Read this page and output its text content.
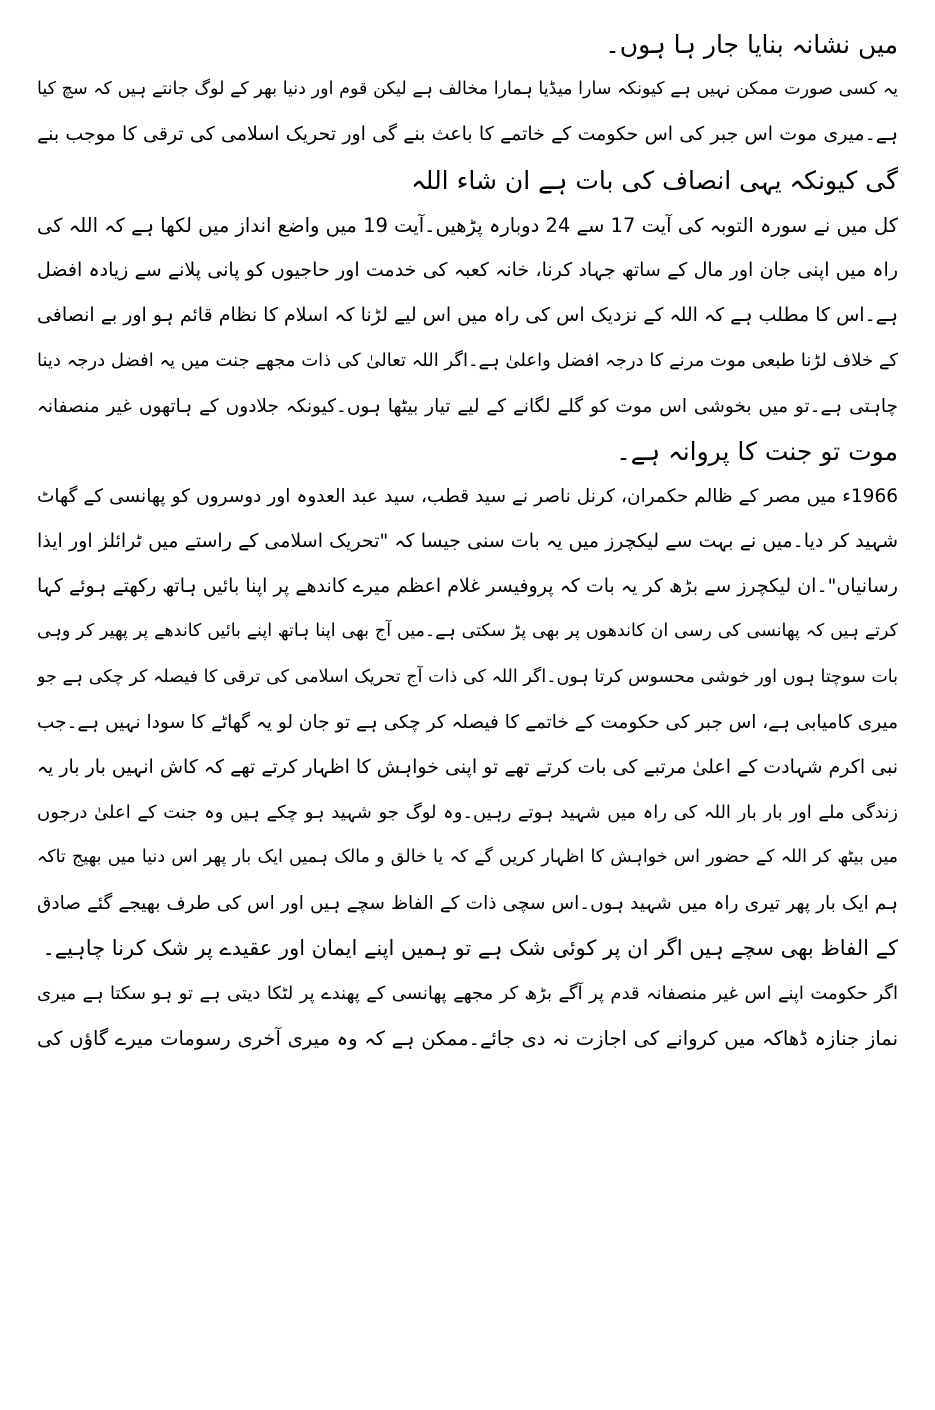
میں نشانہ بنایا جار ہا ہوں۔
یہ کسی صورت ممکن نہیں ہے کیونکہ سارا میڈیا ہمارا مخالف ہے لیکن قوم اور دنیا بھر کے لوگ جانتے ہیں کہ سچ کیا
ہے۔میری موت اس جبر کی اس حکومت کے خاتمے کا باعث بنے گی اور تحریک اسلامی کی ترقی کا موجب بنے
گی کیونکہ یہی انصاف کی بات ہے ان شاء اللہ
کل میں نے سورہ التوبہ کی آیت 17 سے 24 دوبارہ پڑھیں۔آیت 19 میں واضع انداز میں لکھا ہے کہ اللہ کی
راہ میں اپنی جان اور مال کے ساتھ جہاد کرنا، خانہ کعبہ کی خدمت اور حاجیوں کو پانی پلانے سے زیادہ افضل
ہے۔اس کا مطلب ہے کہ اللہ کے نزدیک اس کی راہ میں اس لیے لڑنا کہ اسلام کا نظام قائم ہو اور بے انصافی
کے خلاف لڑنا طبعی موت مرنے کا درجہ افضل واعلیٰ ہے۔اگر اللہ تعالیٰ کی ذات مجھے جنت میں یہ افضل درجہ دینا
چاہتی ہے۔تو میں بخوشی اس موت کو گلے لگانے کے لیے تیار بیٹھا ہوں۔کیونکہ جلادوں کے ہاتھوں غیر منصفانہ
موت تو جنت کا پروانہ ہے۔
1966ء میں مصر کے ظالم حکمران، کرنل ناصر نے سید قطب، سید عبد العدوہ اور دوسروں کو پھانسی کے گھاٹ
شہید کر دیا۔میں نے بہت سے لیکچرز میں یہ بات سنی جیسا کہ "تحریک اسلامی کے راستے میں ٹرائلز اور ایذا
رسانیاں"۔ان لیکچرز سے بڑھ کر یہ بات کہ پروفیسر غلام اعظم میرے کاندھے پر اپنا بائیں ہاتھ رکھتے ہوئے کہا
کرتے ہیں کہ پھانسی کی رسی ان کاندھوں پر بھی پڑ سکتی ہے۔میں آج بھی اپنا ہاتھ اپنے بائیں کاندھے پر پھیر کر وہی
بات سوچتا ہوں اور خوشی محسوس کرتا ہوں۔اگر اللہ کی ذات آج تحریک اسلامی کی ترقی کا فیصلہ کر چکی ہے جو
میری کامیابی ہے، اس جبر کی حکومت کے خاتمے کا فیصلہ کر چکی ہے تو جان لو یہ گھاٹے کا سودا نہیں ہے۔جب
نبی اکرم شہادت کے اعلیٰ مرتبے کی بات کرتے تھے تو اپنی خواہش کا اظہار کرتے تھے کہ کاش انہیں بار بار یہ
زندگی ملے اور بار بار اللہ کی راہ میں شہید ہوتے رہیں۔وہ لوگ جو شہید ہو چکے ہیں وہ جنت کے اعلیٰ درجوں
میں بیٹھ کر اللہ کے حضور اس خواہش کا اظہار کریں گے کہ یا خالق و مالک ہمیں ایک بار پھر اس دنیا میں بھیج تاکہ
ہم ایک بار پھر تیری راہ میں شہید ہوں۔اس سچی ذات کے الفاظ سچے ہیں اور اس کی طرف بھیجے گئے صادق
کے الفاظ بھی سچے ہیں اگر ان پر کوئی شک ہے تو ہمیں اپنے ایمان اور عقیدے پر شک کرنا چاہیے۔
اگر حکومت اپنے اس غیر منصفانہ قدم پر آگے بڑھ کر مجھے پھانسی کے پھندے پر لٹکا دیتی ہے تو ہو سکتا ہے میری
نماز جنازہ ڈھاکہ میں کروانے کی اجازت نہ دی جائے۔ممکن ہے کہ وہ میری آخری رسومات میرے گاؤں کی
